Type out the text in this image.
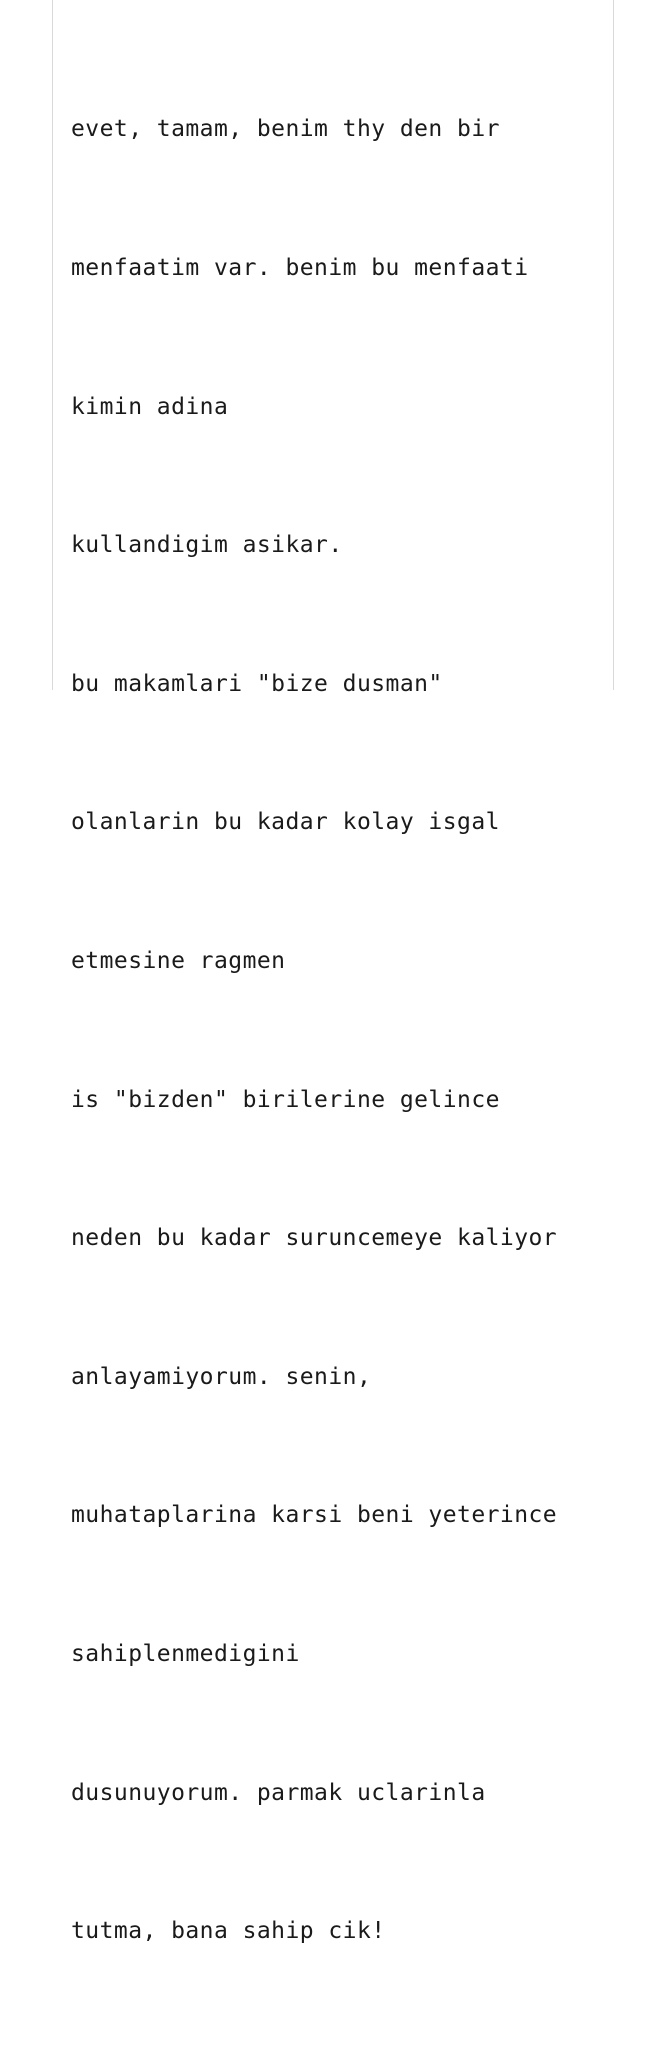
evet, tamam, benim thy den bir

menfaatim var. benim bu menfaati

kimin adina

kullandigim asikar.

bu makamlari "bize dusman"

olanlarin bu kadar kolay isgal

etmesine ragmen

is "bizden" birilerine gelince

neden bu kadar suruncemeye kaliyor

anlayamiyorum. senin,

muhataplarina karsi beni yeterince

sahiplenmedigini

dusunuyorum. parmak uclarinla

tutma, bana sahip cik!
